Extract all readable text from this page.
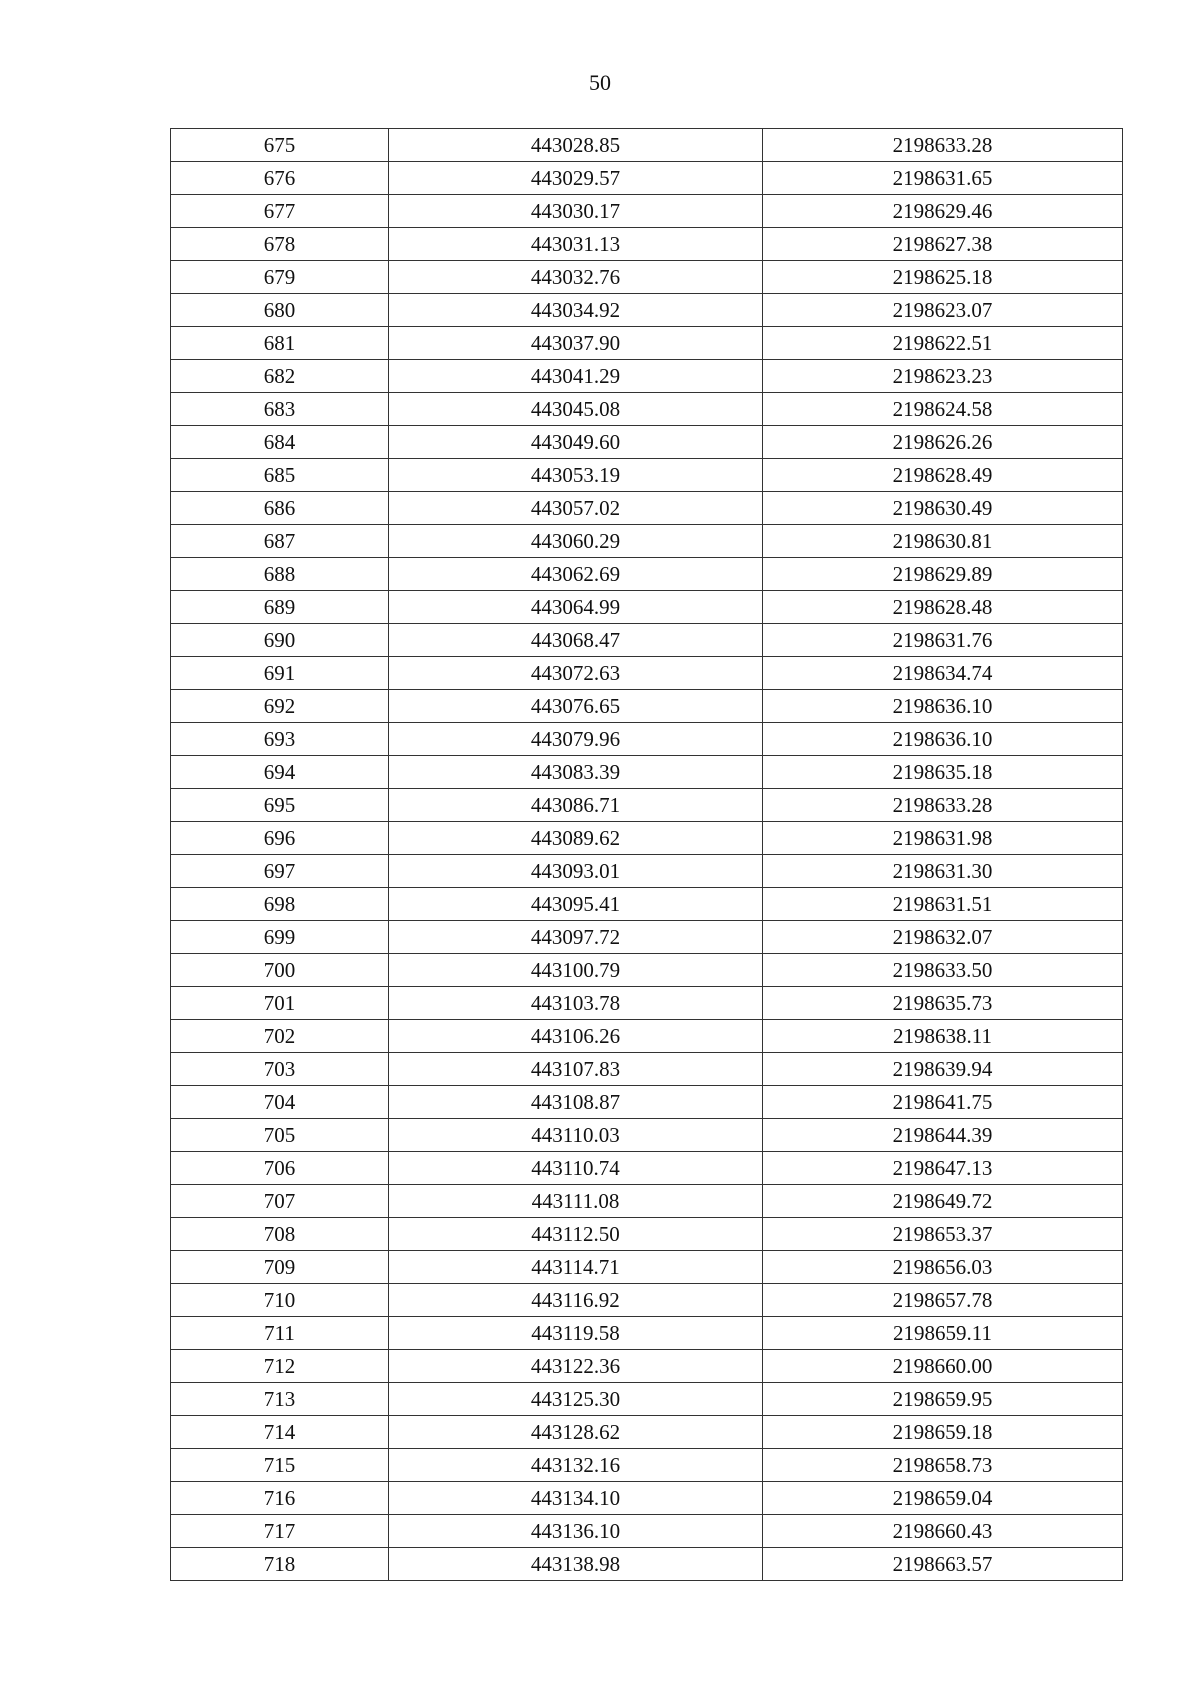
50
675	443028.85	2198633.28
676	443029.57	2198631.65
677	443030.17	2198629.46
678	443031.13	2198627.38
679	443032.76	2198625.18
680	443034.92	2198623.07
681	443037.90	2198622.51
682	443041.29	2198623.23
683	443045.08	2198624.58
684	443049.60	2198626.26
685	443053.19	2198628.49
686	443057.02	2198630.49
687	443060.29	2198630.81
688	443062.69	2198629.89
689	443064.99	2198628.48
690	443068.47	2198631.76
691	443072.63	2198634.74
692	443076.65	2198636.10
693	443079.96	2198636.10
694	443083.39	2198635.18
695	443086.71	2198633.28
696	443089.62	2198631.98
697	443093.01	2198631.30
698	443095.41	2198631.51
699	443097.72	2198632.07
700	443100.79	2198633.50
701	443103.78	2198635.73
702	443106.26	2198638.11
703	443107.83	2198639.94
704	443108.87	2198641.75
705	443110.03	2198644.39
706	443110.74	2198647.13
707	443111.08	2198649.72
708	443112.50	2198653.37
709	443114.71	2198656.03
710	443116.92	2198657.78
711	443119.58	2198659.11
712	443122.36	2198660.00
713	443125.30	2198659.95
714	443128.62	2198659.18
715	443132.16	2198658.73
716	443134.10	2198659.04
717	443136.10	2198660.43
718	443138.98	2198663.57
